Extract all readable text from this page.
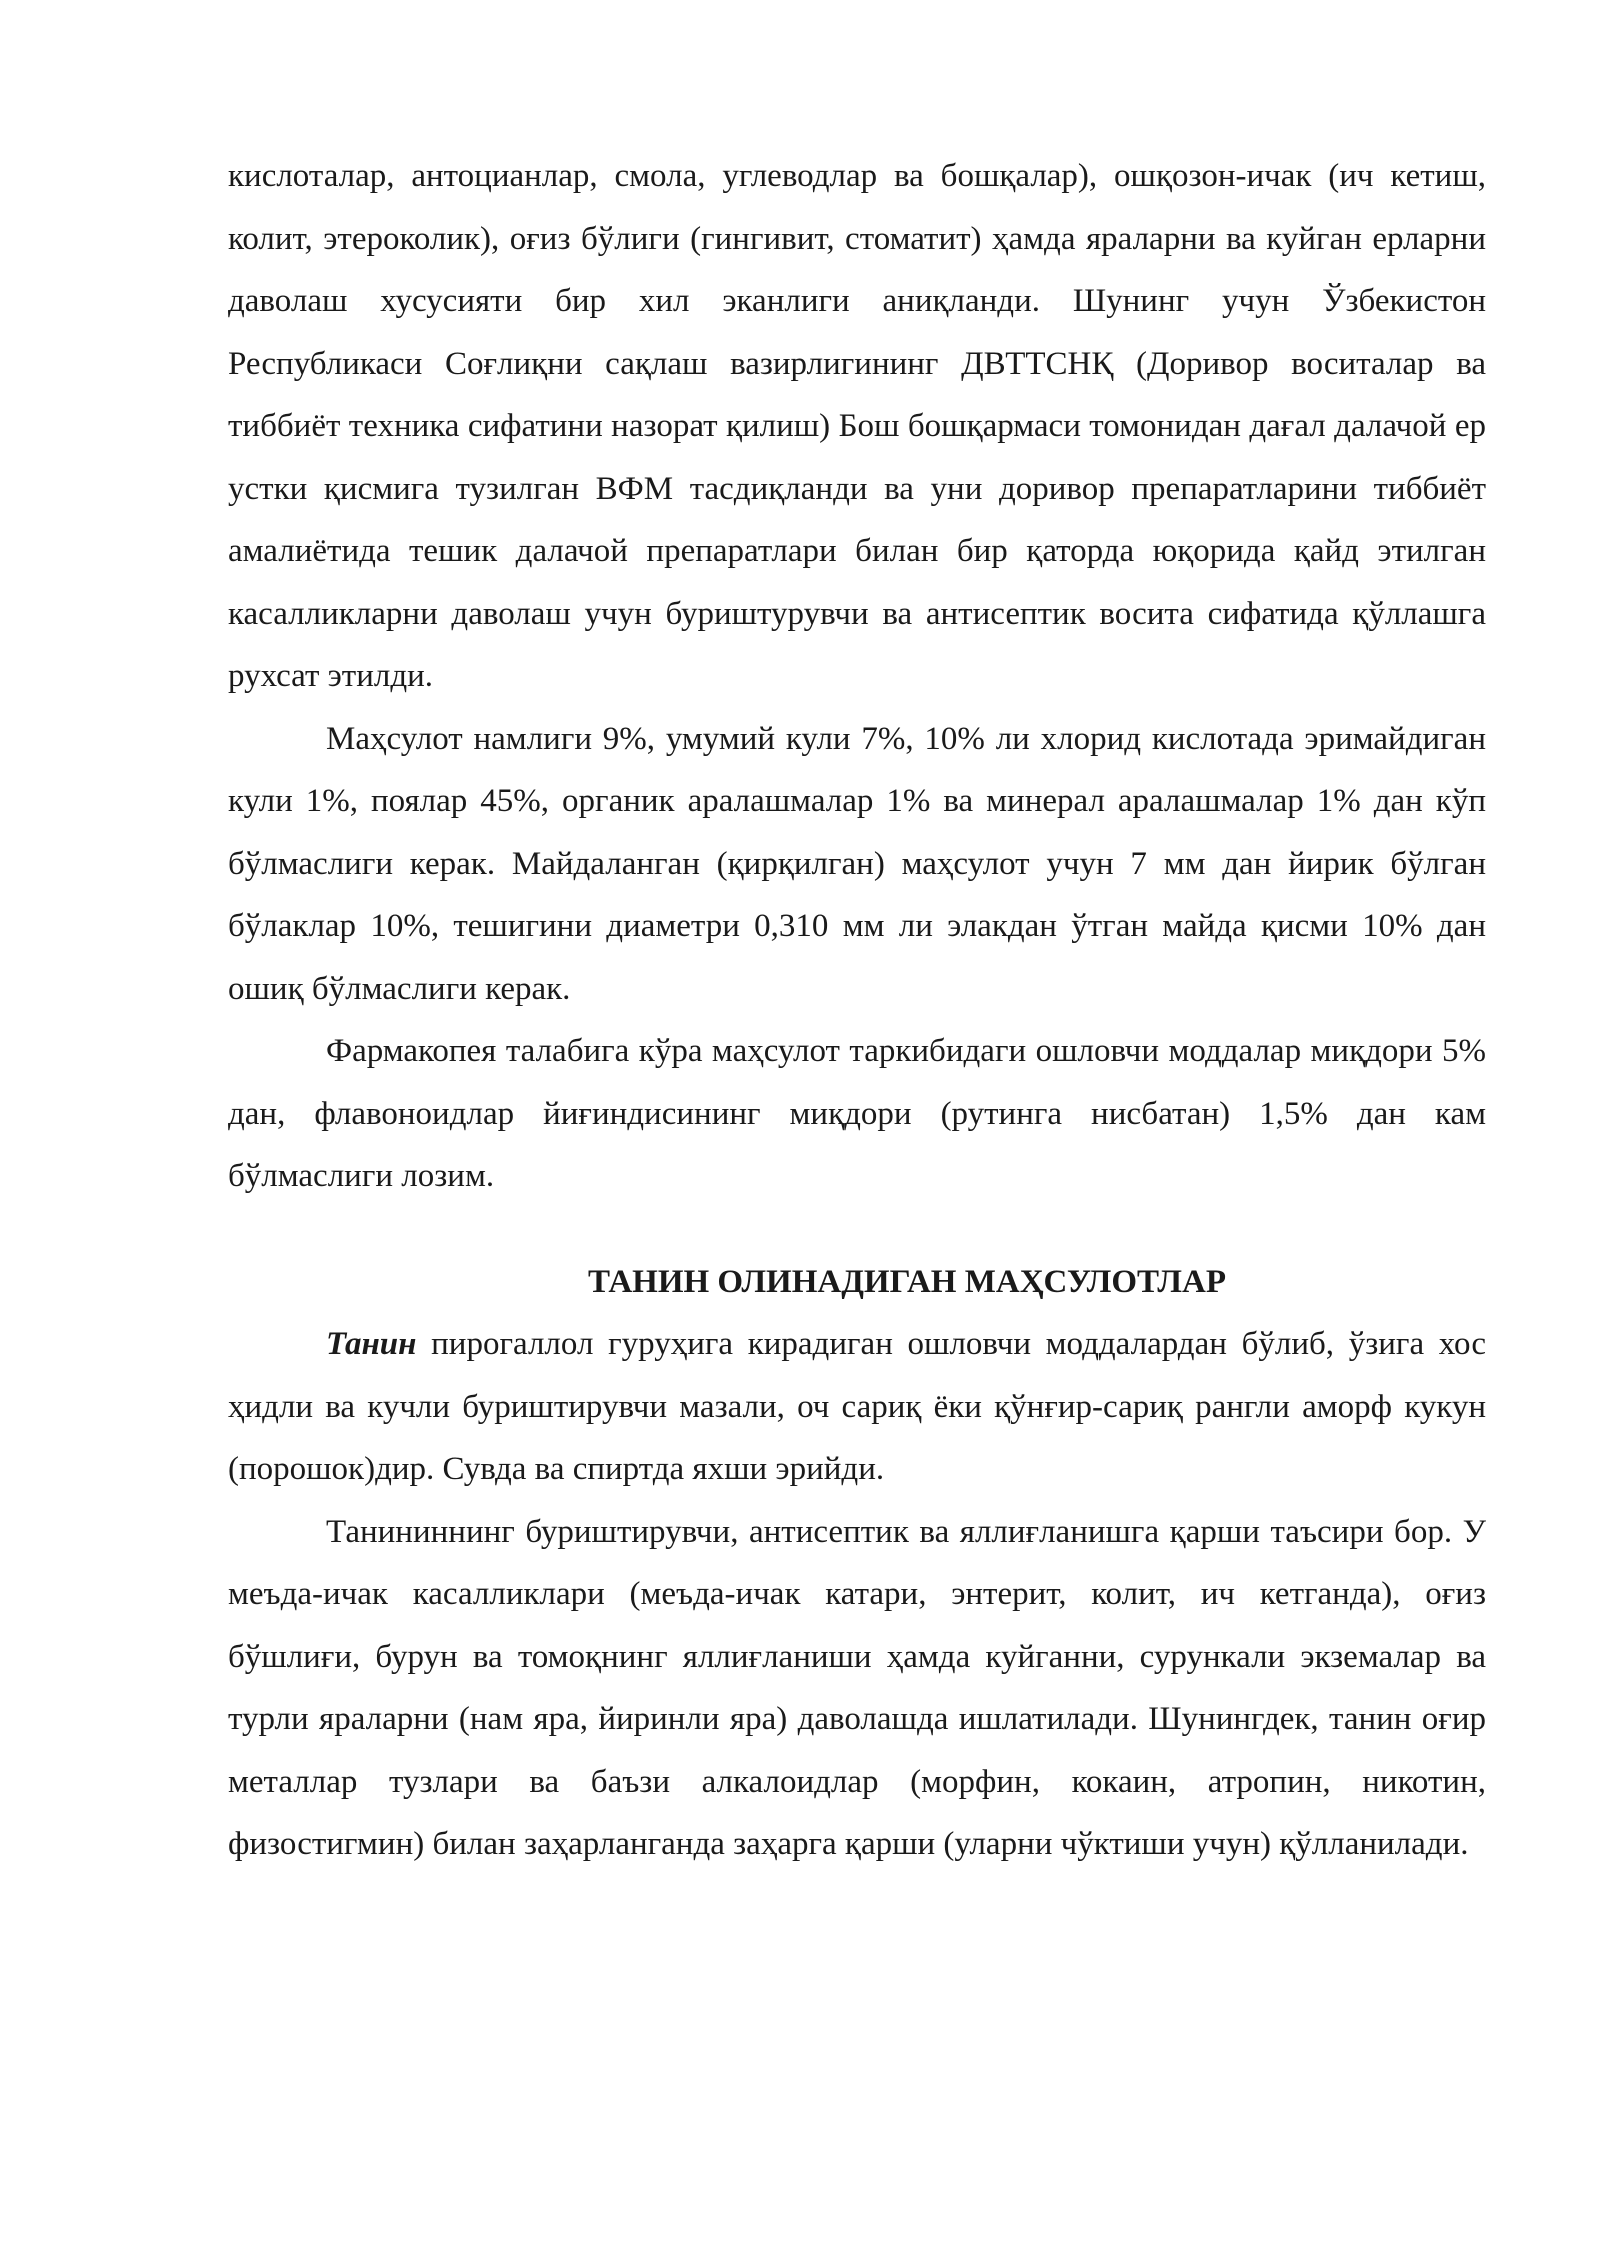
кислоталар, антоцианлар, смола, углеводлар ва бошқалар), ошқозон-ичак (ич кетиш, колит, этероколик), оғиз бўлиги (гингивит, стоматит) ҳамда яраларни ва куйган ерларни даволаш хусусияти бир хил эканлиги аниқланди. Шунинг учун Ўзбекистон Республикаси Соғлиқни сақлаш вазирлигининг ДВТТСНҚ (Доривор воситалар ва тиббиёт техника сифатини назорат қилиш) Бош бошқармаси томонидан дағал далачой ер устки қисмига тузилган ВФМ тасдиқланди ва уни доривор препаратларини тиббиёт амалиётида тешик далачой препаратлари билан бир қаторда юқорида қайд этилган касалликларни даволаш учун буриштурувчи ва антисептик восита сифатида қўллашга рухсат этилди.

Маҳсулот намлиги 9%, умумий кули 7%, 10% ли хлорид кислотада эримайдиган кули 1%, поялар 45%, органик аралашмалар 1% ва минерал аралашмалар 1% дан кўп бўлмаслиги керак. Майдаланган (қирқилган) маҳсулот учун 7 мм дан йирик бўлган бўлаклар 10%, тешигини диаметри 0,310 мм ли элакдан ўтган майда қисми 10% дан ошиқ бўлмаслиги керак.

Фармакопея талабига кўра маҳсулот таркибидаги ошловчи моддалар миқдори 5% дан, флавоноидлар йиғиндисининг миқдори (рутинга нисбатан) 1,5% дан кам бўлмаслиги лозим.

ТАНИН ОЛИНАДИГАН МАҲСУЛОТЛАР

Танин пирогаллол гуруҳига кирадиган ошловчи моддалардан бўлиб, ўзига хос ҳидли ва кучли буриштирувчи мазали, оч сариқ ёки қўнғир-сариқ рангли аморф кукун (порошок)дир. Сувда ва спиртда яхши эрийди.

Танининнинг буриштирувчи, антисептик ва яллиғланишга қарши таъсири бор. У меъда-ичак касалликлари (меъда-ичак катари, энтерит, колит, ич кетганда), оғиз бўшлиғи, бурун ва томоқнинг яллиғланиши ҳамда куйганни, сурункали экземалар ва турли яраларни (нам яра, йиринли яра) даволашда ишлатилади. Шунингдек, танин оғир металлар тузлари ва баъзи алкалоидлар (морфин, кокаин, атропин, никотин, физостигмин) билан заҳарланганда заҳарга қарши (уларни чўктиши учун) қўлланилади.
